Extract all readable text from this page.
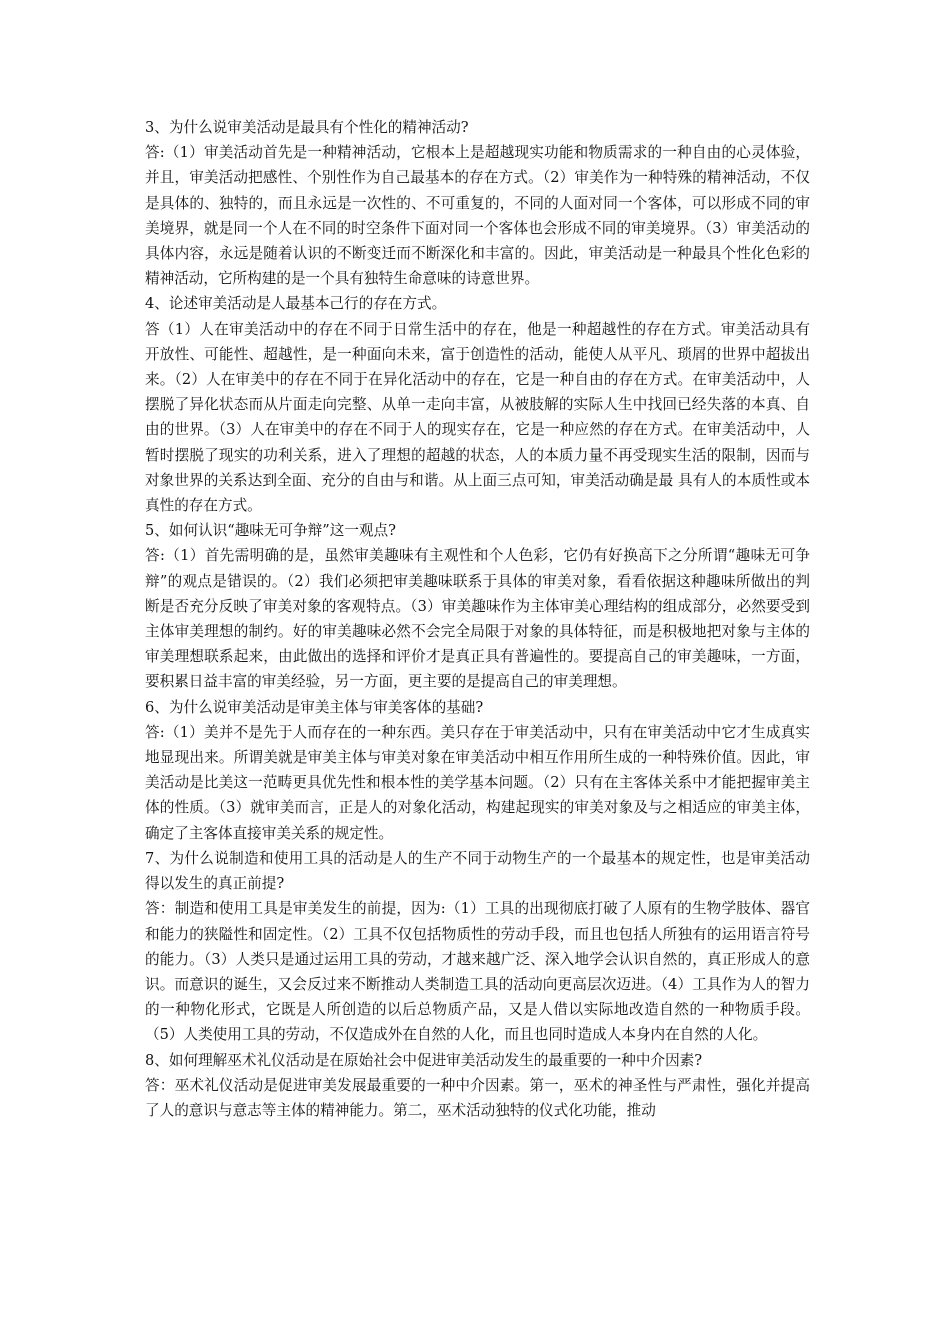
3、为什么说审美活动是最具有个性化的精神活动?

答:（1）审美活动首先是一种精神活动，它根本上是超越现实功能和物质需求的一种自由的心灵体验，并且，审美活动把感性、个别性作为自己最基本的存在方式。（2）审美作为一种特殊的精神活动，不仅是具体的、独特的，而且永远是一次性的、不可重复的，不同的人面对同一个客体，可以形成不同的审美境界，就是同一个人在不同的时空条件下面对同一个客体也会形成不同的审美境界。（3）审美活动的具体内容，永远是随着认识的不断变迁而不断深化和丰富的。因此，审美活动是一种最具个性化色彩的精神活动，它所构建的是一个具有独特生命意味的诗意世界。

4、论述审美活动是人最基本己行的存在方式。

答（1）人在审美活动中的存在不同于日常生活中的存在，他是一种超越性的存在方式。审美活动具有开放性、可能性、超越性，是一种面向未来，富于创造性的活动，能使人从平凡、琐屑的世界中超拔出来。（2）人在审美中的存在不同于在异化活动中的存在，它是一种自由的存在方式。在审美活动中，人摆脱了异化状态而从片面走向完整、从单一走向丰富，从被肢解的实际人生中找回已经失落的本真、自由的世界。（3）人在审美中的存在不同于人的现实存在，它是一种应然的存在方式。在审美活动中，人暂时摆脱了现实的功利关系，进入了理想的超越的状态，人的本质力量不再受现实生活的限制，因而与对象世界的关系达到全面、充分的自由与和谐。从上面三点可知，审美活动确是最 具有人的本质性或本真性的存在方式。

5、如何认识“趣味无可争辩”这一观点?

答:（1）首先需明确的是，虽然审美趣味有主观性和个人色彩，它仍有好换高下之分所谓“趣味无可争辩”的观点是错误的。（2）我们必须把审美趣味联系于具体的审美对象，看看依据这种趣味所做出的判断是否充分反映了审美对象的客观特点。（3）审美趣味作为主体审美心理结构的组成部分，必然要受到主体审美理想的制约。好的审美趣味必然不会完全局限于对象的具体特征，而是积极地把对象与主体的审美理想联系起来，由此做出的选择和评价才是真正具有普遍性的。要提高自己的审美趣味，一方面，要积累日益丰富的审美经验，另一方面，更主要的是提高自己的审美理想。

6、为什么说审美活动是审美主体与审美客体的基础?

答:（1）美并不是先于人而存在的一种东西。美只存在于审美活动中，只有在审美活动中它才生成真实地显现出来。所谓美就是审美主体与审美对象在审美活动中相互作用所生成的一种特殊价值。因此，审美活动是比美这一范畴更具优先性和根本性的美学基本问题。（2）只有在主客体关系中才能把握审美主体的性质。（3）就审美而言，正是人的对象化活动，构建起现实的审美对象及与之相适应的审美主体，确定了主客体直接审美关系的规定性。

7、为什么说制造和使用工具的活动是人的生产不同于动物生产的一个最基本的规定性，也是审美活动得以发生的真正前提?

答：制造和使用工具是审美发生的前提，因为:（1）工具的出现彻底打破了人原有的生物学肢体、器官和能力的狭隘性和固定性。（2）工具不仅包括物质性的劳动手段，而且也包括人所独有的运用语言符号的能力。（3）人类只是通过运用工具的劳动，才越来越广泛、深入地学会认识自然的，真正形成人的意识。而意识的诞生，又会反过来不断推动人类制造工具的活动向更高层次迈进。（4）工具作为人的智力的一种物化形式，它既是人所创造的以后总物质产品，又是人借以实际地改造自然的一种物质手段。（5）人类使用工具的劳动，不仅造成外在自然的人化，而且也同时造成人本身内在自然的人化。

8、如何理解巫术礼仪活动是在原始社会中促进审美活动发生的最重要的一种中介因素?

答：巫术礼仪活动是促进审美发展最重要的一种中介因素。第一，巫术的神圣性与严肃性，强化并提高了人的意识与意志等主体的精神能力。第二，巫术活动独特的仪式化功能，推动
